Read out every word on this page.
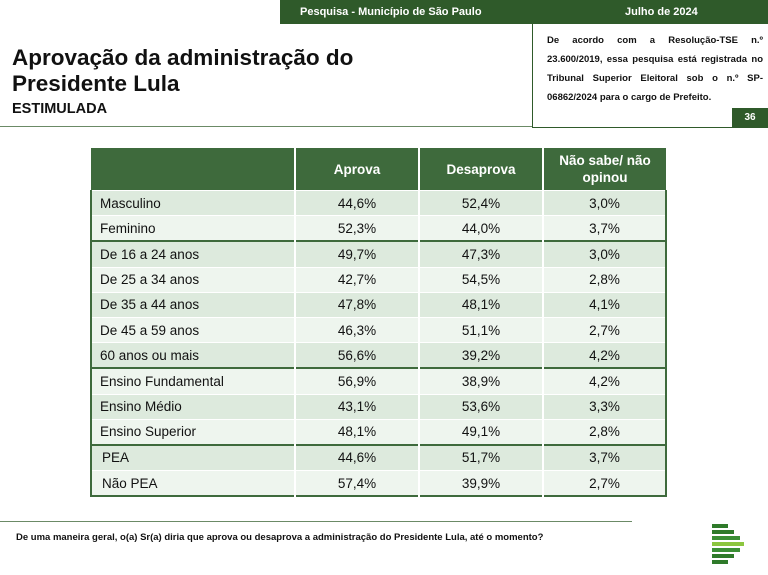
Pesquisa - Município de São Paulo	Julho de 2024
Aprovação da administração do Presidente Lula
ESTIMULADA

De acordo com a Resolução-TSE n.º 23.600/2019, essa pesquisa está registrada no Tribunal Superior Eleitoral sob o n.º SP-06862/2024 para o cargo de Prefeito.

36
	Aprova	Desaprova	Não sabe/ não opinou
Masculino	44,6%	52,4%	3,0%
Feminino	52,3%	44,0%	3,7%
De 16 a 24 anos	49,7%	47,3%	3,0%
De 25 a 34 anos	42,7%	54,5%	2,8%
De 35 a 44 anos	47,8%	48,1%	4,1%
De 45 a 59 anos	46,3%	51,1%	2,7%
60 anos ou mais	56,6%	39,2%	4,2%
Ensino Fundamental	56,9%	38,9%	4,2%
Ensino Médio	43,1%	53,6%	3,3%
Ensino Superior	48,1%	49,1%	2,8%
PEA	44,6%	51,7%	3,7%
Não PEA	57,4%	39,9%	2,7%
De uma maneira geral, o(a) Sr(a) diria que aprova ou desaprova a administração do Presidente Lula, até o momento?
